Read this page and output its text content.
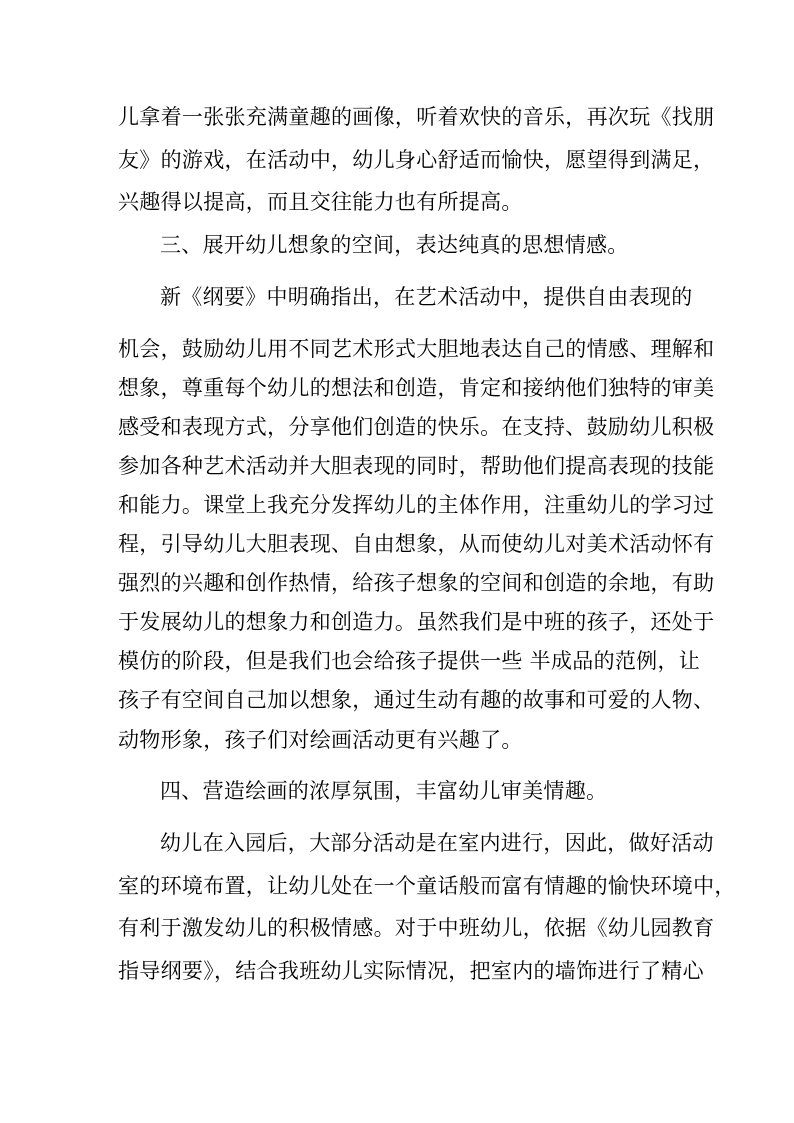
儿拿着一张张充满童趣的画像，听着欢快的音乐，再次玩《找朋
友》的游戏，在活动中，幼儿身心舒适而愉快，愿望得到满足，
兴趣得以提高，而且交往能力也有所提高。
三、展开幼儿想象的空间，表达纯真的思想情感。
新《纲要》中明确指出，在艺术活动中，提供自由表现的
机会，鼓励幼儿用不同艺术形式大胆地表达自己的情感、理解和
想象，尊重每个幼儿的想法和创造，肯定和接纳他们独特的审美
感受和表现方式，分享他们创造的快乐。在支持、鼓励幼儿积极
参加各种艺术活动并大胆表现的同时，帮助他们提高表现的技能
和能力。课堂上我充分发挥幼儿的主体作用，注重幼儿的学习过
程，引导幼儿大胆表现、自由想象，从而使幼儿对美术活动怀有
强烈的兴趣和创作热情，给孩子想象的空间和创造的余地，有助
于发展幼儿的想象力和创造力。虽然我们是中班的孩子，还处于
模仿的阶段，但是我们也会给孩子提供一些 半成品的范例，让
孩子有空间自己加以想象，通过生动有趣的故事和可爱的人物、
动物形象，孩子们对绘画活动更有兴趣了。
四、营造绘画的浓厚氛围，丰富幼儿审美情趣。
幼儿在入园后，大部分活动是在室内进行，因此，做好活动
室的环境布置，让幼儿处在一个童话般而富有情趣的愉快环境中，
有利于激发幼儿的积极情感。对于中班幼儿，依据《幼儿园教育
指导纲要》，结合我班幼儿实际情况，把室内的墙饰进行了精心
